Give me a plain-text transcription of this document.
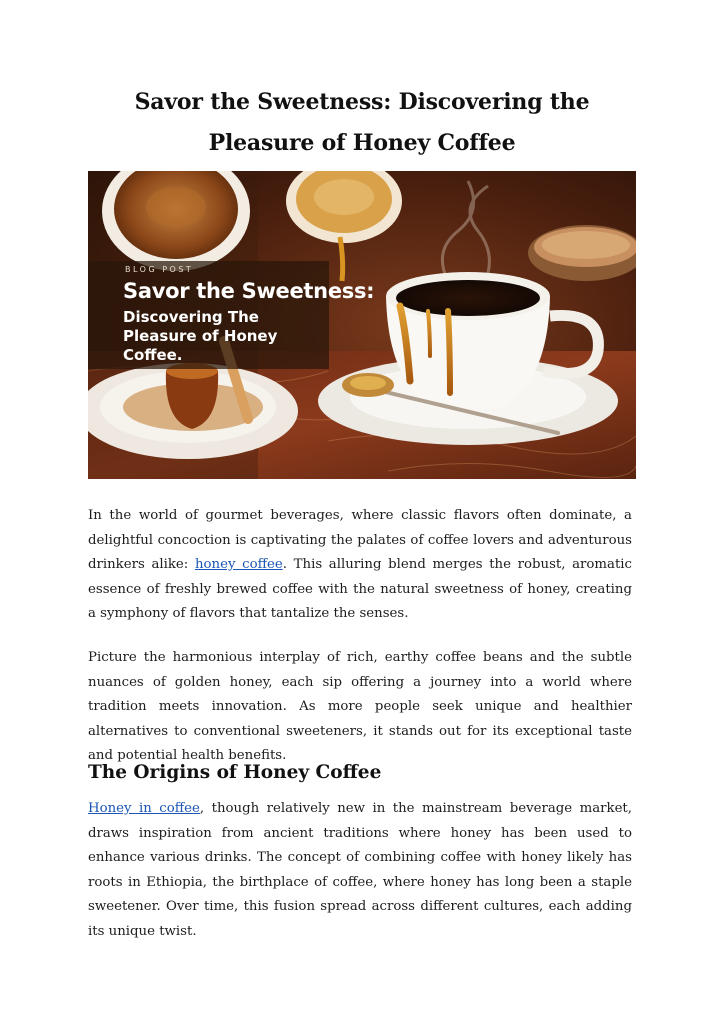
Savor the Sweetness: Discovering the Pleasure of Honey Coffee
BLOG POST
Savor the Sweetness:
Discovering The Pleasure of Honey Coffee.

In the world of gourmet beverages, where classic flavors often dominate, a delightful concoction is captivating the palates of coffee lovers and adventurous drinkers alike: honey coffee. This alluring blend merges the robust, aromatic essence of freshly brewed coffee with the natural sweetness of honey, creating a symphony of flavors that tantalize the senses.

Picture the harmonious interplay of rich, earthy coffee beans and the subtle nuances of golden honey, each sip offering a journey into a world where tradition meets innovation. As more people seek unique and healthier alternatives to conventional sweeteners, it stands out for its exceptional taste and potential health benefits.

The Origins of Honey Coffee

Honey in coffee, though relatively new in the mainstream beverage market, draws inspiration from ancient traditions where honey has been used to enhance various drinks. The concept of combining coffee with honey likely has roots in Ethiopia, the birthplace of coffee, where honey has long been a staple sweetener. Over time, this fusion spread across different cultures, each adding its unique twist.
